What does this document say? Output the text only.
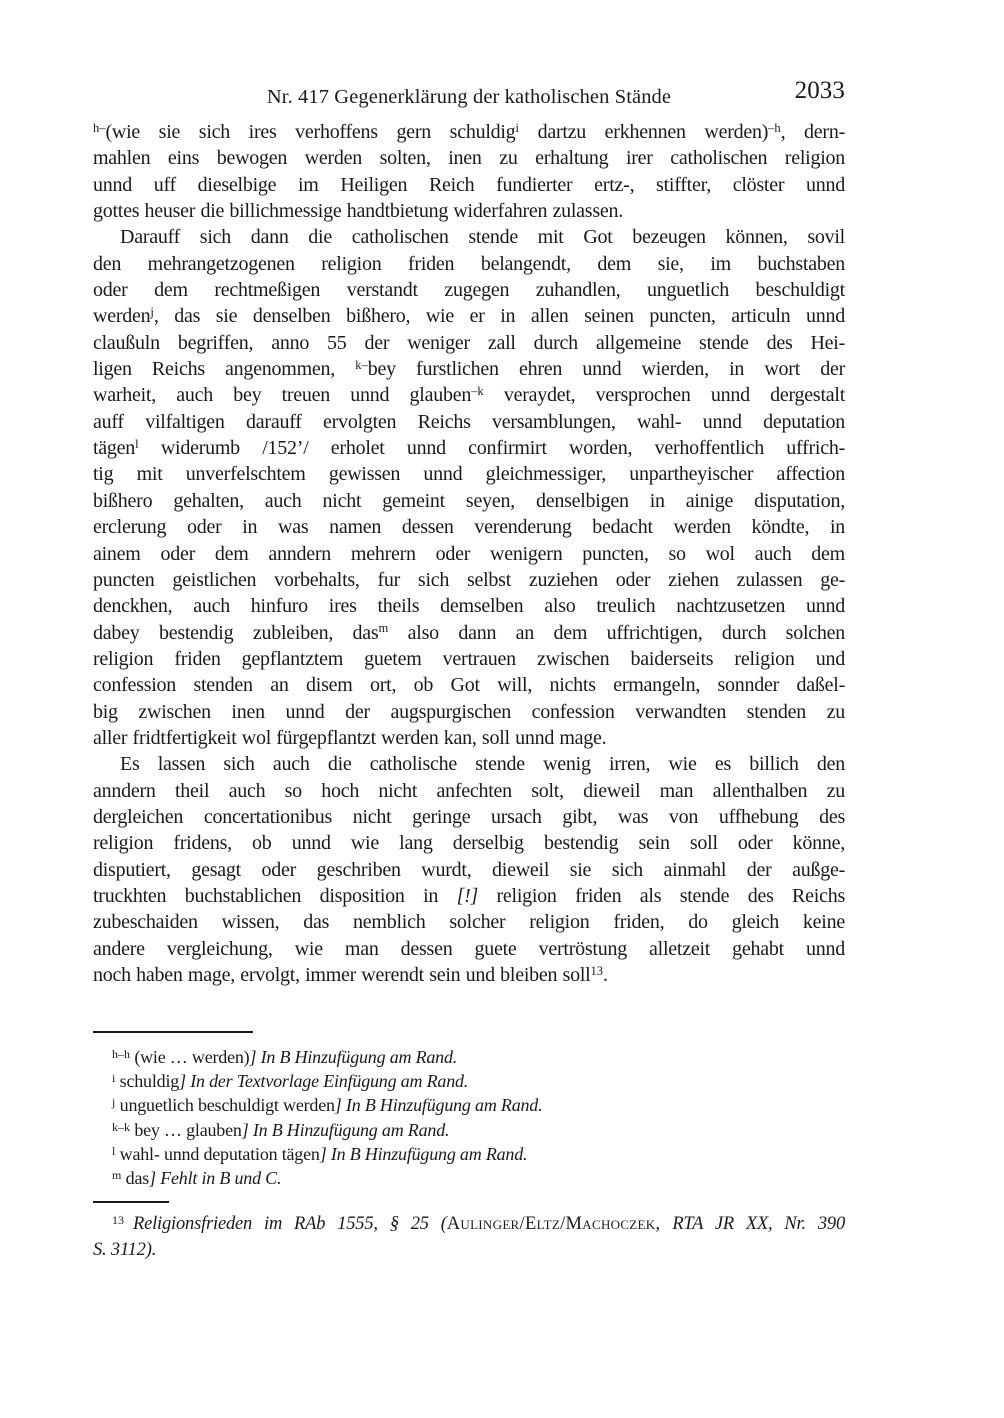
Nr. 417 Gegenerklärung der katholischen Stände	2033
$^{h-}$(wie sie sich ires verhoffens gern schuldig$^i$ dartzu erkhennen werden)$^{-h}$, dern-
mahlen eins bewogen werden solten, inen zu erhaltung irer catholischen religion
unnd uff dieselbige im Heiligen Reich fundierter ertz-, stiffter, clöster unnd
gottes heuser die billichmessige handtbietung widerfahren zulassen.
Darauff sich dann die catholischen stende mit Got bezeugen können, sovil
den mehrangetzogenen religion friden belangendt, dem sie, im buchstaben
oder dem rechtmeßigen verstandt zugegen zuhandlen, unguetlich beschuldigt
werden$^j$, das sie denselben bißhero, wie er in allen seinen puncten, articuln unnd
claußuln begriffen, anno 55 der weniger zall durch allgemeine stende des Hei-
ligen Reichs angenommen, $^{k-}$bey furstlichen ehren unnd wierden, in wort der
warheit, auch bey treuen unnd glauben$^{-k}$ veraydet, versprochen unnd dergestalt
auff vilfaltigen darauff ervolgten Reichs versamblungen, wahl- unnd deputation
tägen$^l$ widerumb /152’/ erholet unnd confirmirt worden, verhoffentlich uffrich-
tig mit unverfelschtem gewissen unnd gleichmessiger, unpartheyischer affection
bißhero gehalten, auch nicht gemeint seyen, denselbigen in ainige disputation,
erclerung oder in was namen dessen verenderung bedacht werden köndte, in
ainem oder dem anndern mehrern oder wenigern puncten, so wol auch dem
puncten geistlichen vorbehalts, fur sich selbst zuziehen oder ziehen zulassen ge-
denckhen, auch hinfuro ires theils demselben also treulich nachtzusetzen unnd
dabey bestendig zubleiben, das$^m$ also dann an dem uffrichtigen, durch solchen
religion friden gepflantztem guetem vertrauen zwischen baiderseits religion und
confession stenden an disem ort, ob Got will, nichts ermangeln, sonnder daßel-
big zwischen inen unnd der augspurgischen confession verwandten stenden zu
aller fridtfertigkeit wol fürgepflantzt werden kan, soll unnd mage.
Es lassen sich auch die catholische stende wenig irren, wie es billich den
anndern theil auch so hoch nicht anfechten solt, dieweil man allenthalben zu
dergleichen concertationibus nicht geringe ursach gibt, was von uffhebung des
religion fridens, ob unnd wie lang derselbig bestendig sein soll oder könne,
disputiert, gesagt oder geschriben wurdt, dieweil sie sich ainmahl der außge-
truckhten buchstablichen disposition in [!] religion friden als stende des Reichs
zubeschaiden wissen, das nemblich solcher religion friden, do gleich keine
andere vergleichung, wie man dessen guete vertröstung alletzeit gehabt unnd
noch haben mage, ervolgt, immer werendt sein und bleiben soll$^{13}$.
$^{h-h}$ (wie … werden)] In B Hinzufügung am Rand.
$^i$ schuldig] In der Textvorlage Einfügung am Rand.
$^j$ unguetlich beschuldigt werden] In B Hinzufügung am Rand.
$^{k-k}$ bey … glauben] In B Hinzufügung am Rand.
$^l$ wahl- unnd deputation tägen] In B Hinzufügung am Rand.
$^m$ das] Fehlt in B und C.
$^{13}$ Religionsfrieden im RAb 1555, § 25 (Aulinger/Eltz/Machoczek, RTA JR XX, Nr. 390
S. 3112).
